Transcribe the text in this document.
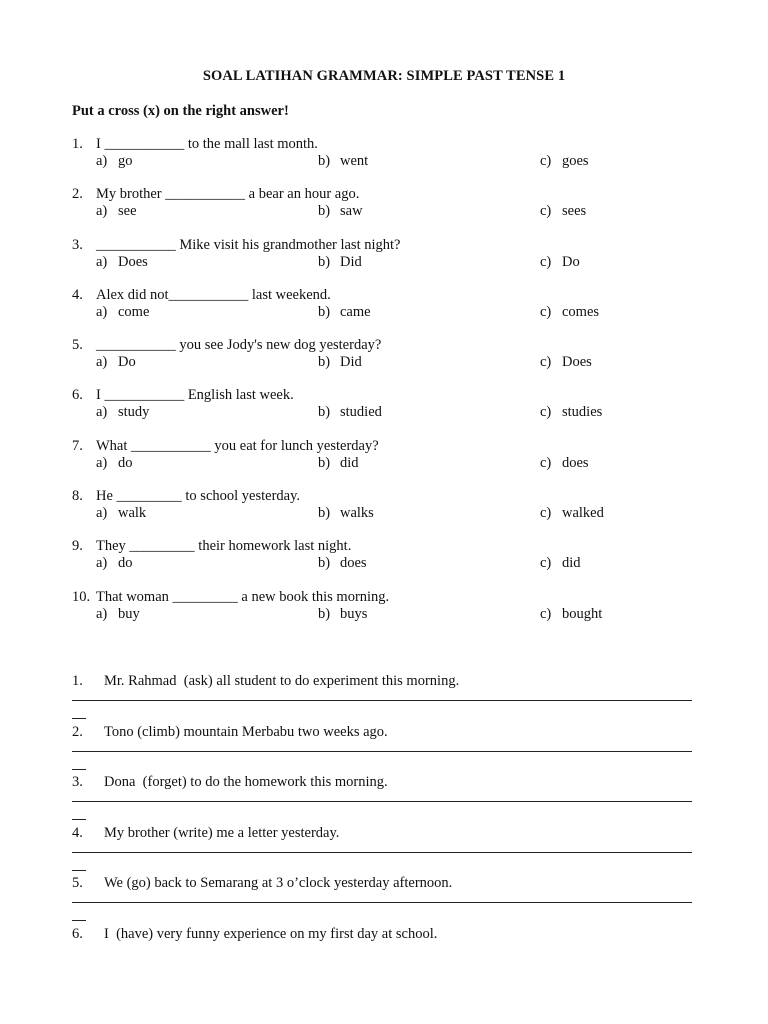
SOAL LATIHAN GRAMMAR: SIMPLE PAST TENSE 1
Put a cross (x) on the right answer!
1. I ___________ to the mall last month.
a) go	b) went	c) goes
2. My brother ___________ a bear an hour ago.
a) see	b) saw	c) sees
3. ___________ Mike visit his grandmother last night?
a) Does	b) Did	c) Do
4. Alex did not___________ last weekend.
a) come	b) came	c) comes
5. ___________ you see Jody's new dog yesterday?
a) Do	b) Did	c) Does
6. I ___________ English last week.
a) study	b) studied	c) studies
7. What ___________ you eat for lunch yesterday?
a) do	b) did	c) does
8. He _________ to school yesterday.
a) walk	b) walks	c) walked
9. They _________ their homework last night.
a) do	b) does	c) did
10. That woman _________ a new book this morning.
a) buy	b) buys	c) bought
1. Mr. Rahmad  (ask) all student to do experiment this morning.
2. Tono (climb) mountain Merbabu two weeks ago.
3. Dona  (forget) to do the homework this morning.
4. My brother (write) me a letter yesterday.
5. We (go) back to Semarang at 3 o’clock yesterday afternoon.
6. I  (have) very funny experience on my first day at school.
